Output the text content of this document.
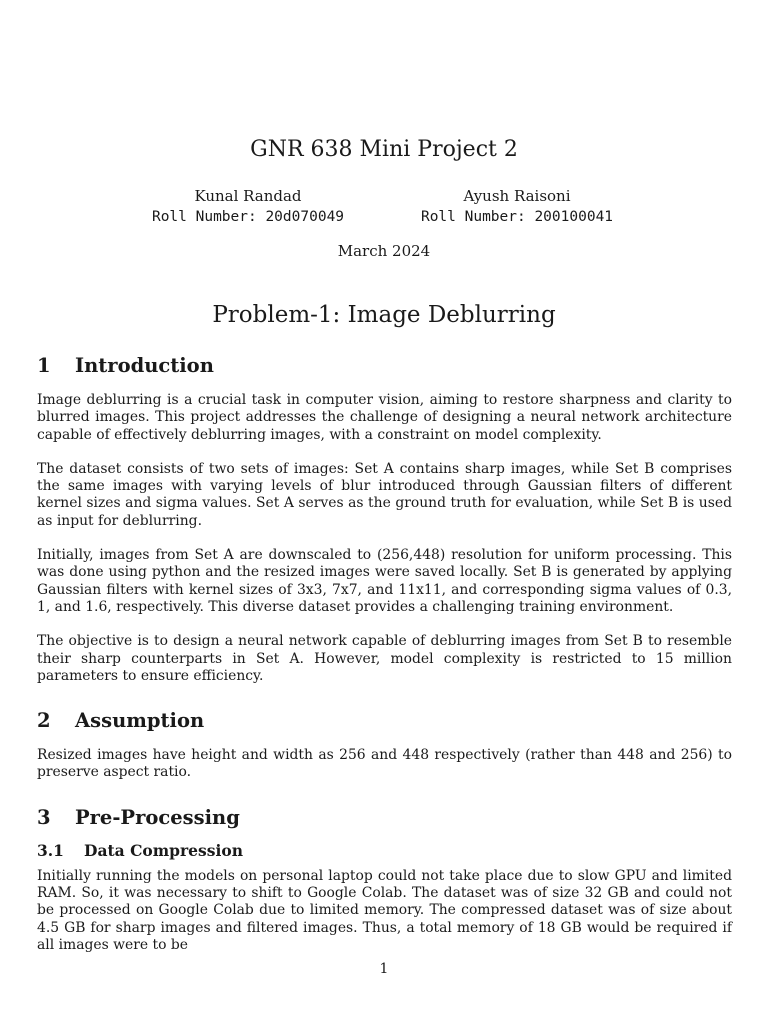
GNR 638 Mini Project 2
Kunal Randad
Roll Number: 20d070049
Ayush Raisoni
Roll Number: 200100041
March 2024
Problem-1: Image Deblurring
1	Introduction

Image deblurring is a crucial task in computer vision, aiming to restore sharpness and clarity to blurred images. This project addresses the challenge of designing a neural network architecture capable of effectively deblurring images, with a constraint on model complexity.

The dataset consists of two sets of images: Set A contains sharp images, while Set B comprises the same images with varying levels of blur introduced through Gaussian filters of different kernel sizes and sigma values. Set A serves as the ground truth for evaluation, while Set B is used as input for deblurring.

Initially, images from Set A are downscaled to (256,448) resolution for uniform processing. This was done using python and the resized images were saved locally. Set B is generated by applying Gaussian filters with kernel sizes of 3x3, 7x7, and 11x11, and corresponding sigma values of 0.3, 1, and 1.6, respectively. This diverse dataset provides a challenging training environment.

The objective is to design a neural network capable of deblurring images from Set B to resemble their sharp counterparts in Set A. However, model complexity is restricted to 15 million parameters to ensure efficiency.

2	Assumption

Resized images have height and width as 256 and 448 respectively (rather than 448 and 256) to preserve aspect ratio.

3	Pre-Processing
3.1	Data Compression

Initially running the models on personal laptop could not take place due to slow GPU and limited RAM. So, it was necessary to shift to Google Colab. The dataset was of size 32 GB and could not be processed on Google Colab due to limited memory. The compressed dataset was of size about 4.5 GB for sharp images and filtered images. Thus, a total memory of 18 GB would be required if all images were to be

1
